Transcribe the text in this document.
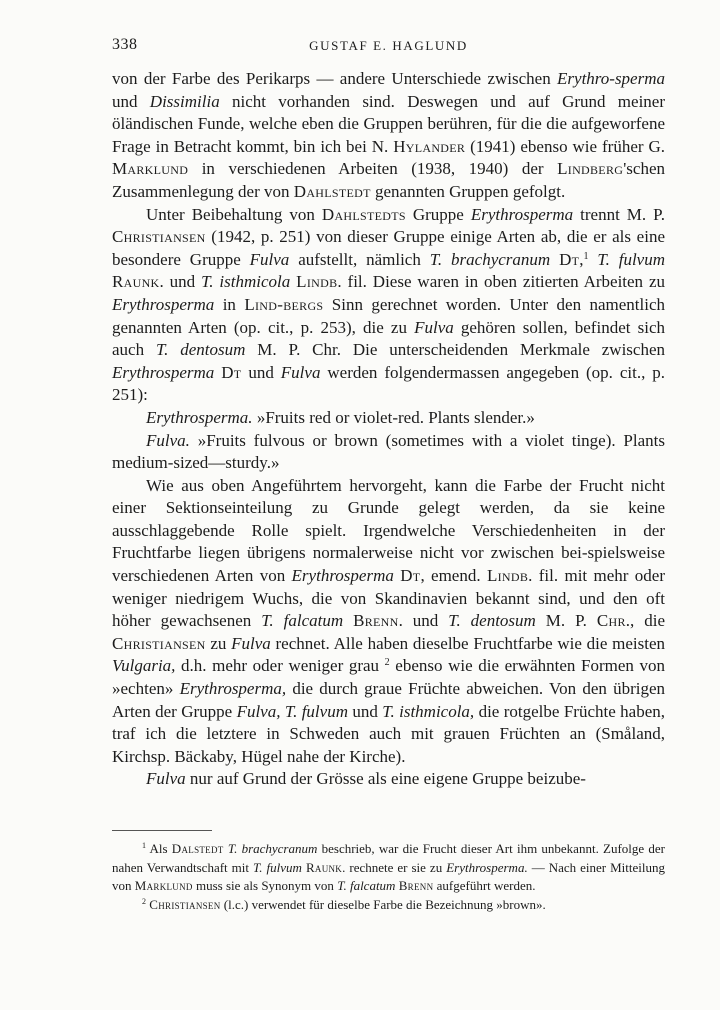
338	GUSTAF E. HAGLUND

von der Farbe des Perikarps — andere Unterschiede zwischen Erythro-sperma und Dissimilia nicht vorhanden sind. Deswegen und auf Grund meiner öländischen Funde, welche eben die Gruppen berühren, für die die aufgeworfene Frage in Betracht kommt, bin ich bei N. Hylander (1941) ebenso wie früher G. Marklund in verschiedenen Arbeiten (1938, 1940) der Lindberg'schen Zusammenlegung der von Dahlstedt genannten Gruppen gefolgt.

Unter Beibehaltung von Dahlstedts Gruppe Erythrosperma trennt M. P. Christiansen (1942, p. 251) von dieser Gruppe einige Arten ab, die er als eine besondere Gruppe Fulva aufstellt, nämlich T. brachycranum Dt,$^1$ T. fulvum Raunk. und T. isthmicola Lindb. fil. Diese waren in oben zitierten Arbeiten zu Erythrosperma in Lind-bergs Sinn gerechnet worden. Unter den namentlich genannten Arten (op. cit., p. 253), die zu Fulva gehören sollen, befindet sich auch T. dentosum M. P. Chr. Die unterscheidenden Merkmale zwischen Erythrosperma Dt und Fulva werden folgendermassen angegeben (op. cit., p. 251):

Erythrosperma. »Fruits red or violet-red. Plants slender.»

Fulva. »Fruits fulvous or brown (sometimes with a violet tinge). Plants medium-sized—sturdy.»

Wie aus oben Angeführtem hervorgeht, kann die Farbe der Frucht nicht einer Sektionseinteilung zu Grunde gelegt werden, da sie keine ausschlaggebende Rolle spielt. Irgendwelche Verschiedenheiten in der Fruchtfarbe liegen übrigens normalerweise nicht vor zwischen bei-spielsweise verschiedenen Arten von Erythrosperma Dt, emend. Lindb. fil. mit mehr oder weniger niedrigem Wuchs, die von Skandinavien bekannt sind, und den oft höher gewachsenen T. falcatum Brenn. und T. dentosum M. P. Chr., die Christiansen zu Fulva rechnet. Alle haben dieselbe Fruchtfarbe wie die meisten Vulgaria, d.h. mehr oder weniger grau $^2$ ebenso wie die erwähnten Formen von »echten» Erythrosperma, die durch graue Früchte abweichen. Von den übrigen Arten der Gruppe Fulva, T. fulvum und T. isthmicola, die rotgelbe Früchte haben, traf ich die letztere in Schweden auch mit grauen Früchten an (Småland, Kirchsp. Bäckaby, Hügel nahe der Kirche).

Fulva nur auf Grund der Grösse als eine eigene Gruppe beizube-

$^1$ Als Dalstedt T. brachycranum beschrieb, war die Frucht dieser Art ihm unbekannt. Zufolge der nahen Verwandtschaft mit T. fulvum Raunk. rechnete er sie zu Erythrosperma. — Nach einer Mitteilung von Marklund muss sie als Synonym von T. falcatum Brenn aufgeführt werden.

$^2$ Christiansen (l.c.) verwendet für dieselbe Farbe die Bezeichnung »brown».
